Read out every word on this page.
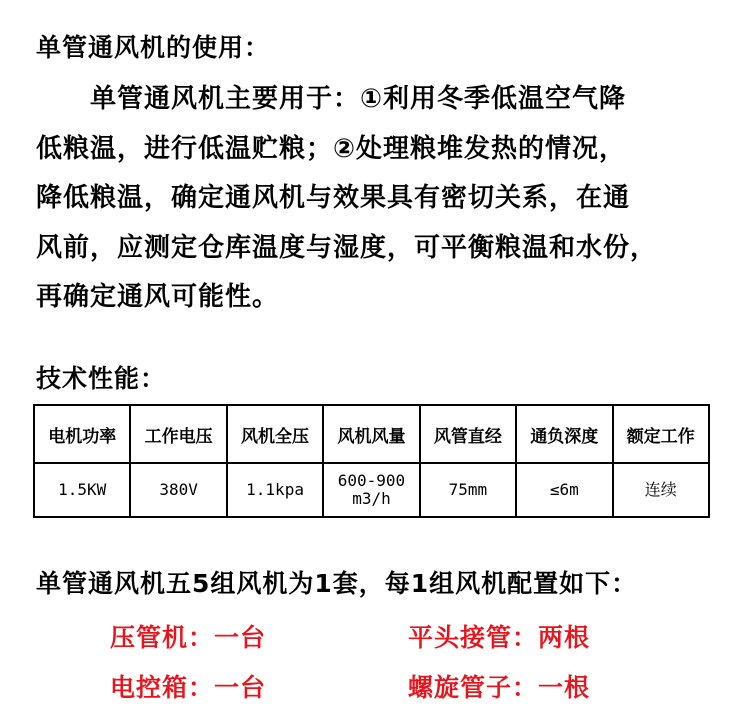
单管通风机的使用：
　　单管通风机主要用于：①利用冬季低温空气降
低粮温，进行低温贮粮；②处理粮堆发热的情况，
降低粮温，确定通风机与效果具有密切关系，在通
风前，应测定仓库温度与湿度，可平衡粮温和水份，
再确定通风可能性。
技术性能：
电机功率	工作电压	风机全压	风机风量	风管直经	通负深度	额定工作
1.5KW	380V	1.1kpa	600-900
m3/h	75mm	≤6m	连续
单管通风机五5组风机为1套，每1组风机配置如下：
压管机：一台	平头接管：两根
电控箱：一台	螺旋管子：一根
